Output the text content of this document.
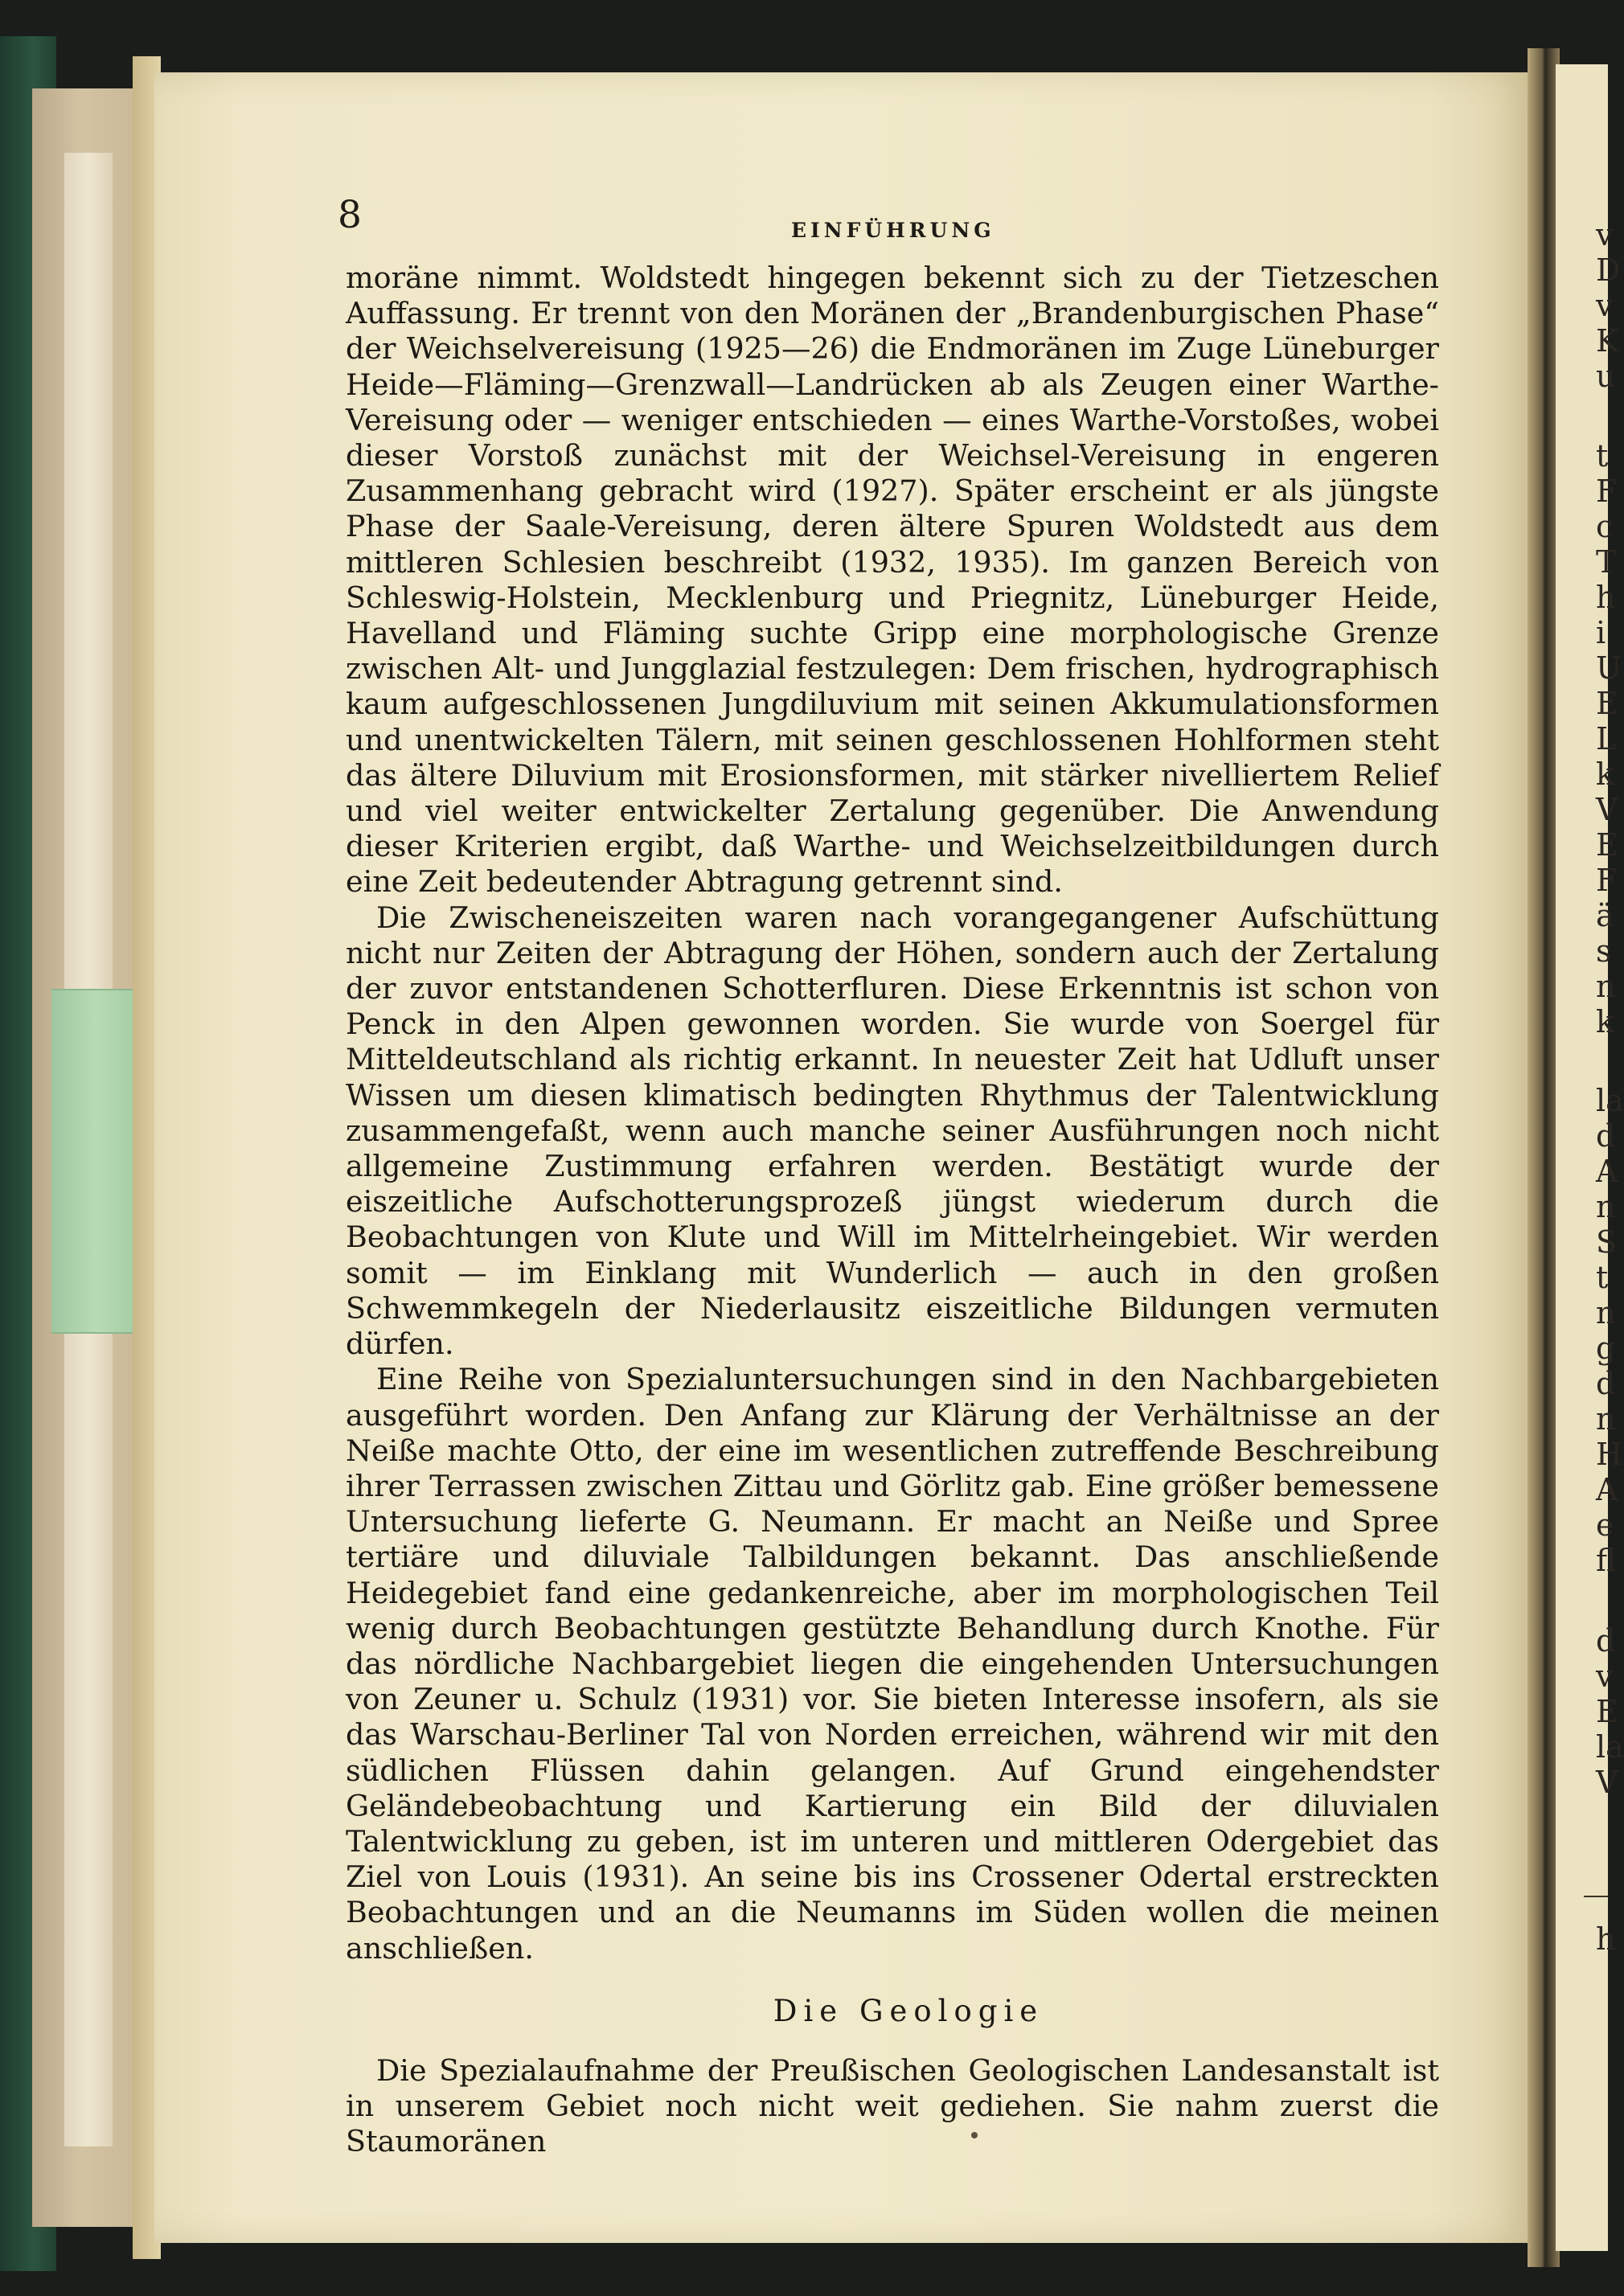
v
D
v
K
u
t
F
c
T
h
i
U
E
L
k
V
E
F
ä
s
n
k
la
d
A
n
S
t
n
g
d
n
H
A
e
fl
d
v
E
la
V
h
8	EINFÜHRUNG

moräne nimmt. Woldstedt hingegen bekennt sich zu der Tietzeschen Auffassung. Er trennt von den Moränen der „Brandenburgischen Phase“ der Weichselvereisung (1925—26) die Endmoränen im Zuge Lüneburger Heide—Fläming—Grenzwall—Landrücken ab als Zeugen einer Warthe-Vereisung oder — weniger entschieden — eines Warthe-Vorstoßes, wobei dieser Vorstoß zunächst mit der Weichsel-Vereisung in engeren Zusammenhang gebracht wird (1927). Später erscheint er als jüngste Phase der Saale-Vereisung, deren ältere Spuren Woldstedt aus dem mittleren Schlesien beschreibt (1932, 1935). Im ganzen Bereich von Schleswig-Holstein, Mecklenburg und Priegnitz, Lüneburger Heide, Havelland und Fläming suchte Gripp eine morphologische Grenze zwischen Alt- und Jungglazial festzulegen: Dem frischen, hydrographisch kaum aufgeschlossenen Jungdiluvium mit seinen Akkumulationsformen und unentwickelten Tälern, mit seinen geschlossenen Hohlformen steht das ältere Diluvium mit Erosionsformen, mit stärker nivelliertem Relief und viel weiter entwickelter Zertalung gegenüber. Die Anwendung dieser Kriterien ergibt, daß Warthe- und Weichselzeitbildungen durch eine Zeit bedeutender Abtragung getrennt sind.

Die Zwischeneiszeiten waren nach vorangegangener Aufschüttung nicht nur Zeiten der Abtragung der Höhen, sondern auch der Zertalung der zuvor entstandenen Schotterfluren. Diese Erkenntnis ist schon von Penck in den Alpen gewonnen worden. Sie wurde von Soergel für Mitteldeutschland als richtig erkannt. In neuester Zeit hat Udluft unser Wissen um diesen klimatisch bedingten Rhythmus der Talentwicklung zusammengefaßt, wenn auch manche seiner Ausführungen noch nicht allgemeine Zustimmung erfahren werden. Bestätigt wurde der eiszeitliche Aufschotterungsprozeß jüngst wiederum durch die Beobachtungen von Klute und Will im Mittelrheingebiet. Wir werden somit — im Einklang mit Wunderlich — auch in den großen Schwemmkegeln der Niederlausitz eiszeitliche Bildungen vermuten dürfen.

Eine Reihe von Spezialuntersuchungen sind in den Nachbargebieten ausgeführt worden. Den Anfang zur Klärung der Verhältnisse an der Neiße machte Otto, der eine im wesentlichen zutreffende Beschreibung ihrer Terrassen zwischen Zittau und Görlitz gab. Eine größer bemessene Untersuchung lieferte G. Neumann. Er macht an Neiße und Spree tertiäre und diluviale Talbildungen bekannt. Das anschließende Heidegebiet fand eine gedankenreiche, aber im morphologischen Teil wenig durch Beobachtungen gestützte Behandlung durch Knothe. Für das nördliche Nachbargebiet liegen die eingehenden Untersuchungen von Zeuner u. Schulz (1931) vor. Sie bieten Interesse insofern, als sie das Warschau-Berliner Tal von Norden erreichen, während wir mit den südlichen Flüssen dahin gelangen. Auf Grund eingehendster Geländebeobachtung und Kartierung ein Bild der diluvialen Talentwicklung zu geben, ist im unteren und mittleren Odergebiet das Ziel von Louis (1931). An seine bis ins Crossener Odertal erstreckten Beobachtungen und an die Neumanns im Süden wollen die meinen anschließen.

Die Geologie

Die Spezialaufnahme der Preußischen Geologischen Landesanstalt ist in unserem Gebiet noch nicht weit gediehen. Sie nahm zuerst die Staumoränen
